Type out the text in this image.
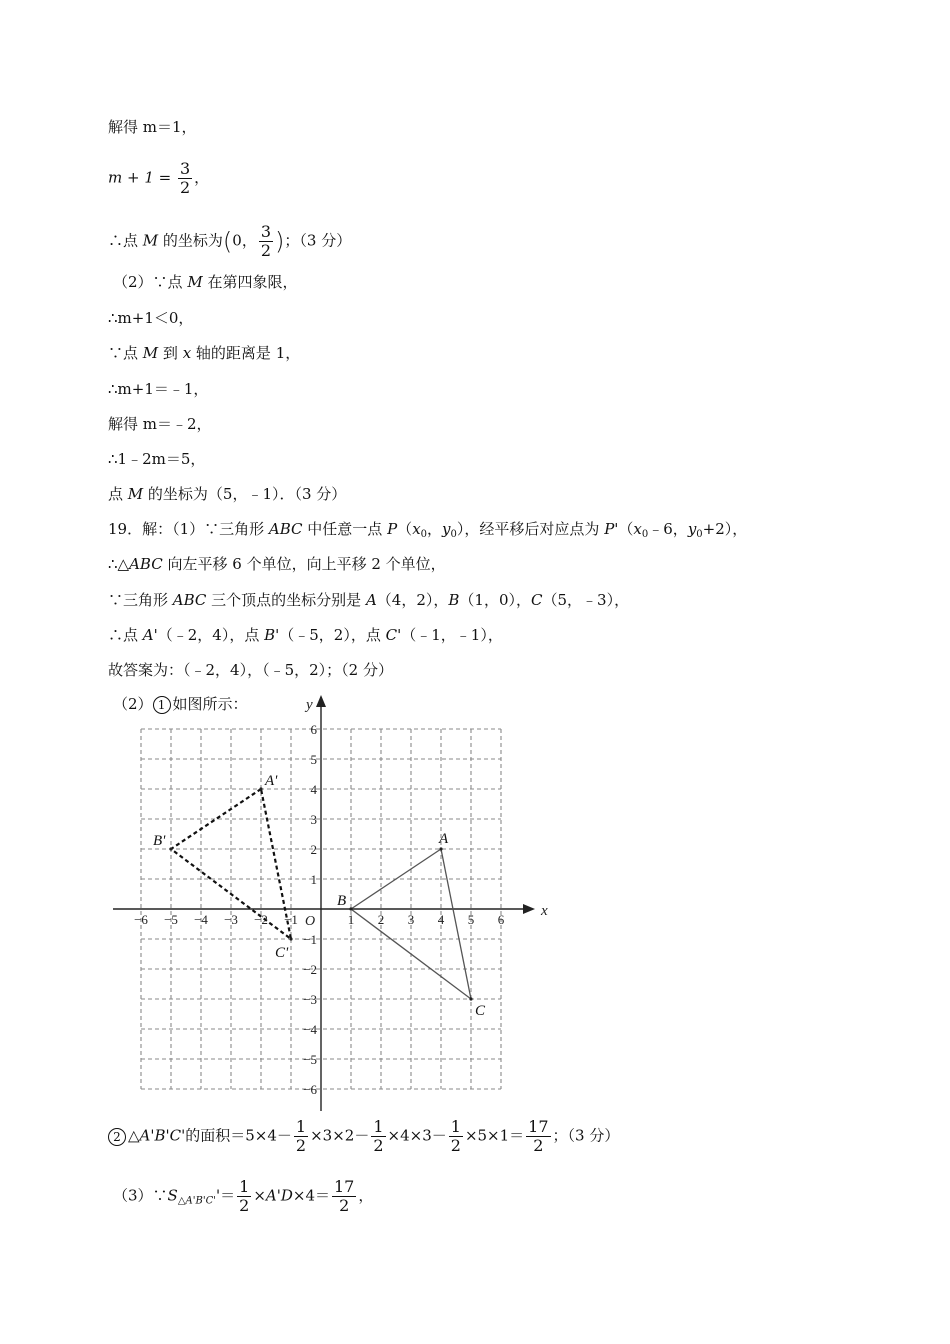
解得 m＝1，
$m + 1 = \frac{3}{2}$ ，
∴点 M 的坐标为(0， $\frac{3}{2}$ )；（3 分）
（2）∵点 M 在第四象限，
∴m+1＜0，
∵点 M 到 x 轴的距离是 1，
∴m+1＝﹣1，
解得 m＝﹣2，
∴1﹣2m＝5，
点 M 的坐标为（5，﹣1）．（3 分）
19．解：（1）∵三角形 ABC 中任意一点 $P(x_0$，$y_0$），经平移后对应点为 $P'(x_0﹣6$，$y_0+2$），
∴△ABC 向左平移 6 个单位，向上平移 2 个单位，
∵三角形 ABC 三个顶点的坐标分别是 A（4，2），B（1，0），C（5，﹣3），
∴点 A'（﹣2，4），点 B'（﹣5，2），点 C'（﹣1，﹣1），
故答案为：（﹣2，4），（﹣5，2）；（2 分）
（2） 1 如图所示：
−6 −5 −4 −3 −2 −1	1 2 3 4 5 6
6
5
4
3
2
1
−1
−2
−3
−4
−5
−6
x
y
O
A
B
C
A'
B'
C'
2 △A'B'C'的面积$=5\times 4- \frac{1}{2} \times 3\times 2- \frac{1}{2} \times 4\times 3- \frac{1}{2} \times 5\times 1= \frac{17}{2}$ ；（3 分）
$(3)\because S_{\triangle A'B'C'}'= \frac{1}{2} \times A'D\times 4= \frac{17}{2}$ ，
